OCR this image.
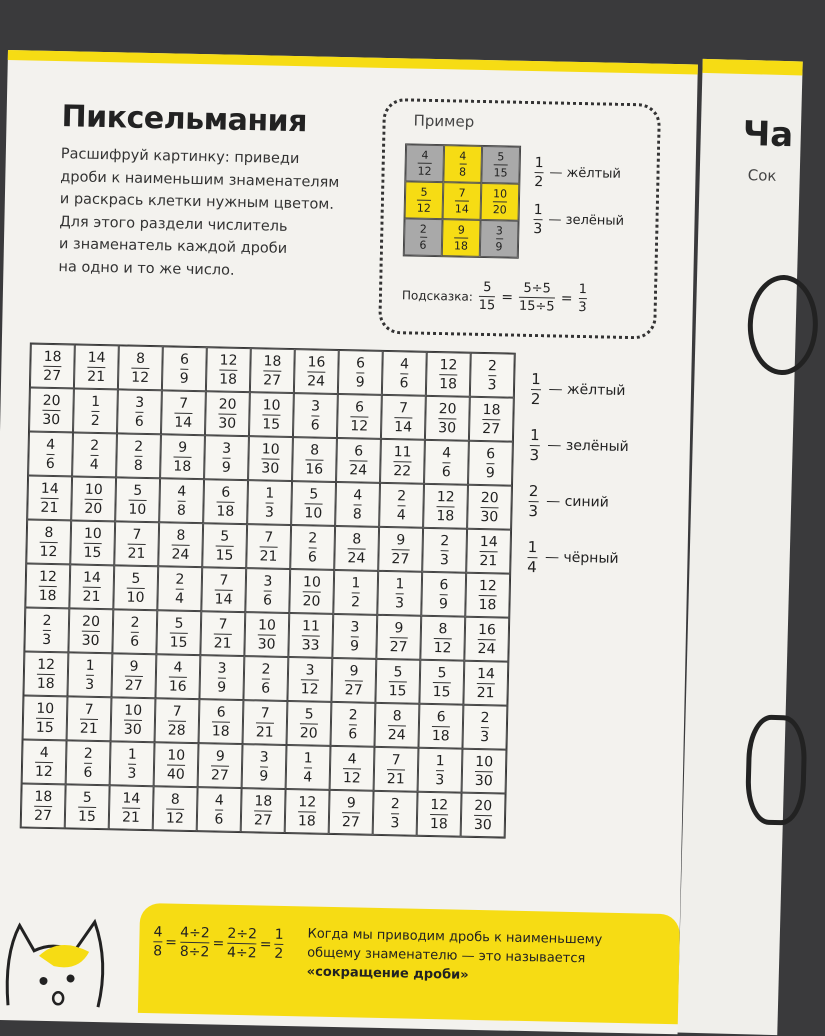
Ча
Сок
Пиксельмания
Расшифруй картинку: приведи
дроби к наименьшим знаменателям
и раскрась клетки нужным цветом.
Для этого раздели числитель
и знаменатель каждой дроби
на одно и то же число.
Пример
$\frac{4}{12} \frac{4}{8} \frac{5}{15}$
$\frac{5}{12} \frac{7}{14} \frac{10}{20}$
$\frac{2}{6} \frac{9}{18} \frac{3}{9}$
$\frac{1}{2}$ — жёлтый
$\frac{1}{3}$ — зелёный
Подсказка: $\frac{5}{15} = \frac{5\div 5}{15\div 5} = \frac{1}{3}$
$\frac{18}{27} \frac{14}{21} \frac{8}{12} \frac{6}{9} \frac{12}{18} \frac{18}{27} \frac{16}{24} \frac{6}{9} \frac{4}{6} \frac{12}{18} \frac{2}{3}$
$\frac{20}{30} \frac{1}{2} \frac{3}{6} \frac{7}{14} \frac{20}{30} \frac{10}{15} \frac{3}{6} \frac{6}{12} \frac{7}{14} \frac{20}{30} \frac{18}{27}$
$\frac{4}{6} \frac{2}{4} \frac{2}{8} \frac{9}{18} \frac{3}{9} \frac{10}{30} \frac{8}{16} \frac{6}{24} \frac{11}{22} \frac{4}{6} \frac{6}{9}$
$\frac{14}{21} \frac{10}{20} \frac{5}{10} \frac{4}{8} \frac{6}{18} \frac{1}{3} \frac{5}{10} \frac{4}{8} \frac{2}{4} \frac{12}{18} \frac{20}{30}$
$\frac{8}{12} \frac{10}{15} \frac{7}{21} \frac{8}{24} \frac{5}{15} \frac{7}{21} \frac{2}{6} \frac{8}{24} \frac{9}{27} \frac{2}{3} \frac{14}{21}$
$\frac{12}{18} \frac{14}{21} \frac{5}{10} \frac{2}{4} \frac{7}{14} \frac{3}{6} \frac{10}{20} \frac{1}{2} \frac{1}{3} \frac{6}{9} \frac{12}{18}$
$\frac{2}{3} \frac{20}{30} \frac{2}{6} \frac{5}{15} \frac{7}{21} \frac{10}{30} \frac{11}{33} \frac{3}{9} \frac{9}{27} \frac{8}{12} \frac{16}{24}$
$\frac{12}{18} \frac{1}{3} \frac{9}{27} \frac{4}{16} \frac{3}{9} \frac{2}{6} \frac{3}{12} \frac{9}{27} \frac{5}{15} \frac{5}{15} \frac{14}{21}$
$\frac{10}{15} \frac{7}{21} \frac{10}{30} \frac{7}{28} \frac{6}{18} \frac{7}{21} \frac{5}{20} \frac{2}{6} \frac{8}{24} \frac{6}{18} \frac{2}{3}$
$\frac{4}{12} \frac{2}{6} \frac{1}{3} \frac{10}{40} \frac{9}{27} \frac{3}{9} \frac{1}{4} \frac{4}{12} \frac{7}{21} \frac{1}{3} \frac{10}{30}$
$\frac{18}{27} \frac{5}{15} \frac{14}{21} \frac{8}{12} \frac{4}{6} \frac{18}{27} \frac{12}{18} \frac{9}{27} \frac{2}{3} \frac{12}{18} \frac{20}{30}$
$\frac{1}{2}$ — жёлтый
$\frac{1}{3}$ — зелёный
$\frac{2}{3}$ — синий
$\frac{1}{4}$ — чёрный
$\frac{4}{8} = \frac{4\div 2}{8\div 2} = \frac{2\div 2}{4\div 2} = \frac{1}{2}$ Когда мы приводим дробь к наименьшему
общему знаменателю — это называется
«сокращение дроби»
